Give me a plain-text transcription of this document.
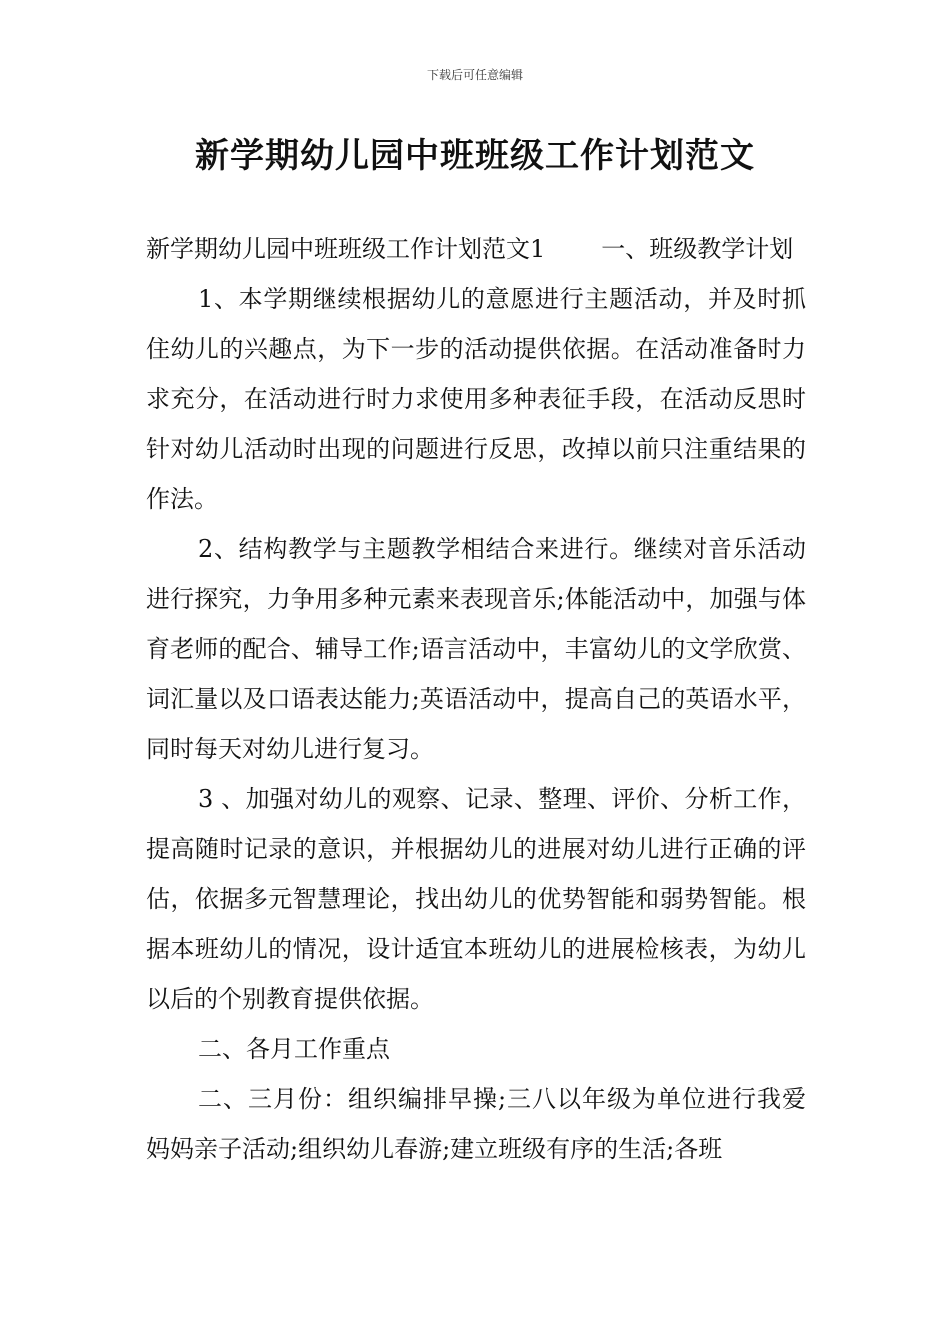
下载后可任意编辑
新学期幼儿园中班班级工作计划范文

新学期幼儿园中班班级工作计划范文1 一、班级教学计划

1、本学期继续根据幼儿的意愿进行主题活动，并及时抓住幼儿的兴趣点，为下一步的活动提供依据。在活动准备时力求充分，在活动进行时力求使用多种表征手段，在活动反思时针对幼儿活动时出现的问题进行反思，改掉以前只注重结果的作法。

2、结构教学与主题教学相结合来进行。继续对音乐活动进行探究，力争用多种元素来表现音乐;体能活动中，加强与体育老师的配合、辅导工作;语言活动中，丰富幼儿的文学欣赏、词汇量以及口语表达能力;英语活动中，提高自己的英语水平，同时每天对幼儿进行复习。

3 、加强对幼儿的观察、记录、整理、评价、分析工作，提高随时记录的意识，并根据幼儿的进展对幼儿进行正确的评估，依据多元智慧理论，找出幼儿的优势智能和弱势智能。根据本班幼儿的情况，设计适宜本班幼儿的进展检核表，为幼儿以后的个别教育提供依据。

二、各月工作重点

二、三月份：组织编排早操;三八以年级为单位进行我爱妈妈亲子活动;组织幼儿春游;建立班级有序的生活;各班
